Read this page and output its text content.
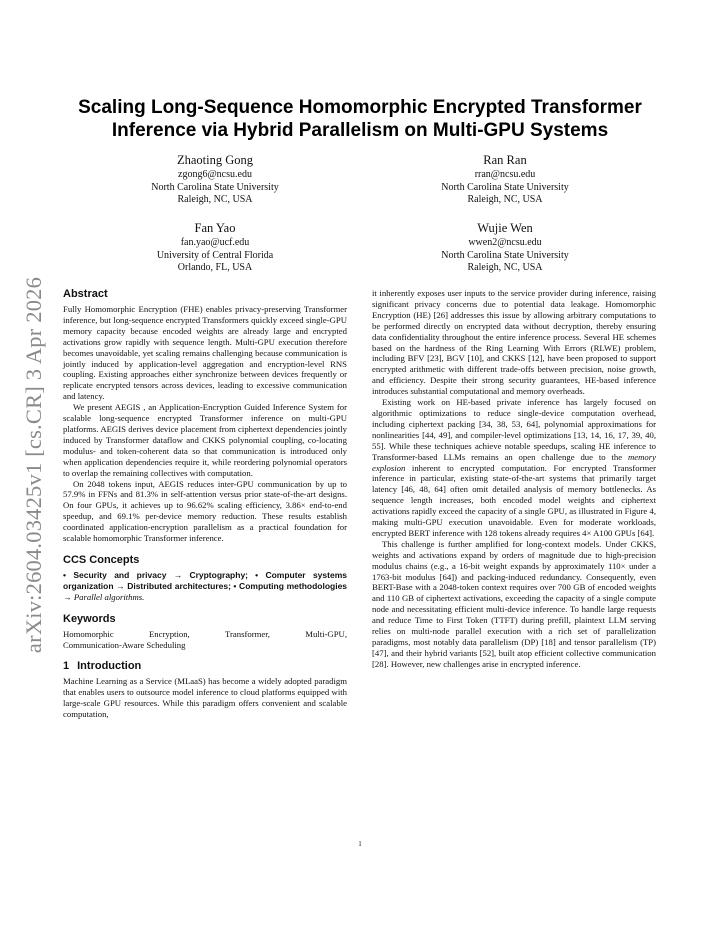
arXiv:2604.03425v1 [cs.CR] 3 Apr 2026
Scaling Long-Sequence Homomorphic Encrypted Transformer Inference via Hybrid Parallelism on Multi-GPU Systems
Zhaoting Gong
zgong6@ncsu.edu
North Carolina State University
Raleigh, NC, USA
Ran Ran
rran@ncsu.edu
North Carolina State University
Raleigh, NC, USA
Fan Yao
fan.yao@ucf.edu
University of Central Florida
Orlando, FL, USA
Wujie Wen
wwen2@ncsu.edu
North Carolina State University
Raleigh, NC, USA
Abstract

Fully Homomorphic Encryption (FHE) enables privacy-preserving Transformer inference, but long-sequence encrypted Transformers quickly exceed single-GPU memory capacity because encoded weights are already large and encrypted activations grow rapidly with sequence length. Multi-GPU execution therefore becomes unavoidable, yet scaling remains challenging because communication is jointly induced by application-level aggregation and encryption-level RNS coupling. Existing approaches either synchronize between devices frequently or replicate encrypted tensors across devices, leading to excessive communication and latency.

We present AEGIS , an Application-Encryption Guided Inference System for scalable long-sequence encrypted Transformer inference on multi-GPU platforms. AEGIS derives device placement from ciphertext dependencies jointly induced by Transformer dataflow and CKKS polynomial coupling, co-locating modulus- and token-coherent data so that communication is introduced only when application dependencies require it, while reordering polynomial operators to overlap the remaining collectives with computation.

On 2048 tokens input, AEGIS reduces inter-GPU communication by up to 57.9% in FFNs and 81.3% in self-attention versus prior state-of-the-art designs. On four GPUs, it achieves up to 96.62% scaling efficiency, 3.86× end-to-end speedup, and 69.1% per-device memory reduction. These results establish coordinated application-encryption parallelism as a practical foundation for scalable homomorphic Transformer inference.

CCS Concepts
• Security and privacy → Cryptography; • Computer systems organization → Distributed architectures; • Computing methodologies → Parallel algorithms.
Keywords
Homomorphic	Encryption,	Transformer,	Multi-GPU,
Communication-Aware Scheduling
1 Introduction

Machine Learning as a Service (MLaaS) has become a widely adopted paradigm that enables users to outsource model inference to cloud platforms equipped with large-scale GPU resources. While this paradigm offers convenient and scalable computation,

it inherently exposes user inputs to the service provider during inference, raising significant privacy concerns due to potential data leakage. Homomorphic Encryption (HE) [26] addresses this issue by allowing arbitrary computations to be performed directly on encrypted data without decryption, thereby ensuring data confidentiality throughout the entire inference process. Several HE schemes based on the hardness of the Ring Learning With Errors (RLWE) problem, including BFV [23], BGV [10], and CKKS [12], have been proposed to support encrypted arithmetic with different trade-offs between precision, noise growth, and efficiency. Despite their strong security guarantees, HE-based inference introduces substantial computational and memory overheads.

Existing work on HE-based private inference has largely focused on algorithmic optimizations to reduce single-device computation overhead, including ciphertext packing [34, 38, 53, 64], polynomial approximations for nonlinearities [44, 49], and compiler-level optimizations [13, 14, 16, 17, 39, 40, 55]. While these techniques achieve notable speedups, scaling HE inference to Transformer-based LLMs remains an open challenge due to the memory explosion inherent to encrypted computation. For encrypted Transformer inference in particular, existing state-of-the-art systems that primarily target latency [46, 48, 64] often omit detailed analysis of memory bottlenecks. As sequence length increases, both encoded model weights and ciphertext activations rapidly exceed the capacity of a single GPU, as illustrated in Figure 4, making multi-GPU execution unavoidable. Even for moderate workloads, encrypted BERT inference with 128 tokens already requires 4× A100 GPUs [64].

This challenge is further amplified for long-context models. Under CKKS, weights and activations expand by orders of magnitude due to high-precision modulus chains (e.g., a 16-bit weight expands by approximately 110× under a 1763-bit modulus [64]) and packing-induced redundancy. Consequently, even BERT-Base with a 2048-token context requires over 700 GB of encoded weights and 110 GB of ciphertext activations, exceeding the capacity of a single compute node and necessitating efficient multi-device inference. To handle large requests and reduce Time to First Token (TTFT) during prefill, plaintext LLM serving relies on multi-node parallel execution with a rich set of parallelization paradigms, most notably data parallelism (DP) [18] and tensor parallelism (TP) [47], and their hybrid variants [52], built atop efficient collective communication [28]. However, new challenges arise in encrypted inference.

1
